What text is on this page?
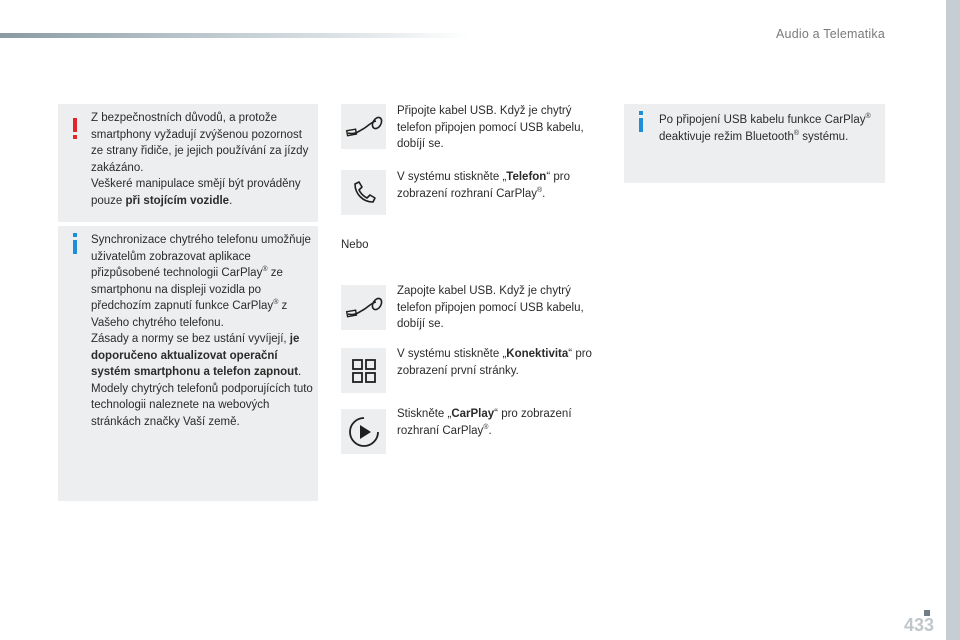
Audio a Telematika
433

Z bezpečnostních důvodů, a protože smartphony vyžadují zvýšenou pozornost ze strany řidiče, je jejich používání za jízdy zakázáno.

Veškeré manipulace smějí být prováděny pouze při stojícím vozidle.

Synchronizace chytrého telefonu umožňuje uživatelům zobrazovat aplikace přizpůsobené technologii CarPlay® ze smartphonu na displeji vozidla po předchozím zapnutí funkce CarPlay® z Vašeho chytrého telefonu.

Zásady a normy se bez ustání vyvíjejí, je doporučeno aktualizovat operační systém smartphonu a telefon zapnout.

Modely chytrých telefonů podporujících tuto technologii naleznete na webových stránkách značky Vaší země.

Připojte kabel USB. Když je chytrý telefon připojen pomocí USB kabelu, dobíjí se.
V systému stiskněte „Telefon“ pro zobrazení rozhraní CarPlay®.
Nebo
Zapojte kabel USB. Když je chytrý telefon připojen pomocí USB kabelu, dobíjí se.
V systému stiskněte „Konektivita“ pro zobrazení první stránky.
Stiskněte „CarPlay“ pro zobrazení rozhraní CarPlay®.
Po připojení USB kabelu funkce CarPlay® deaktivuje režim Bluetooth® systému.
